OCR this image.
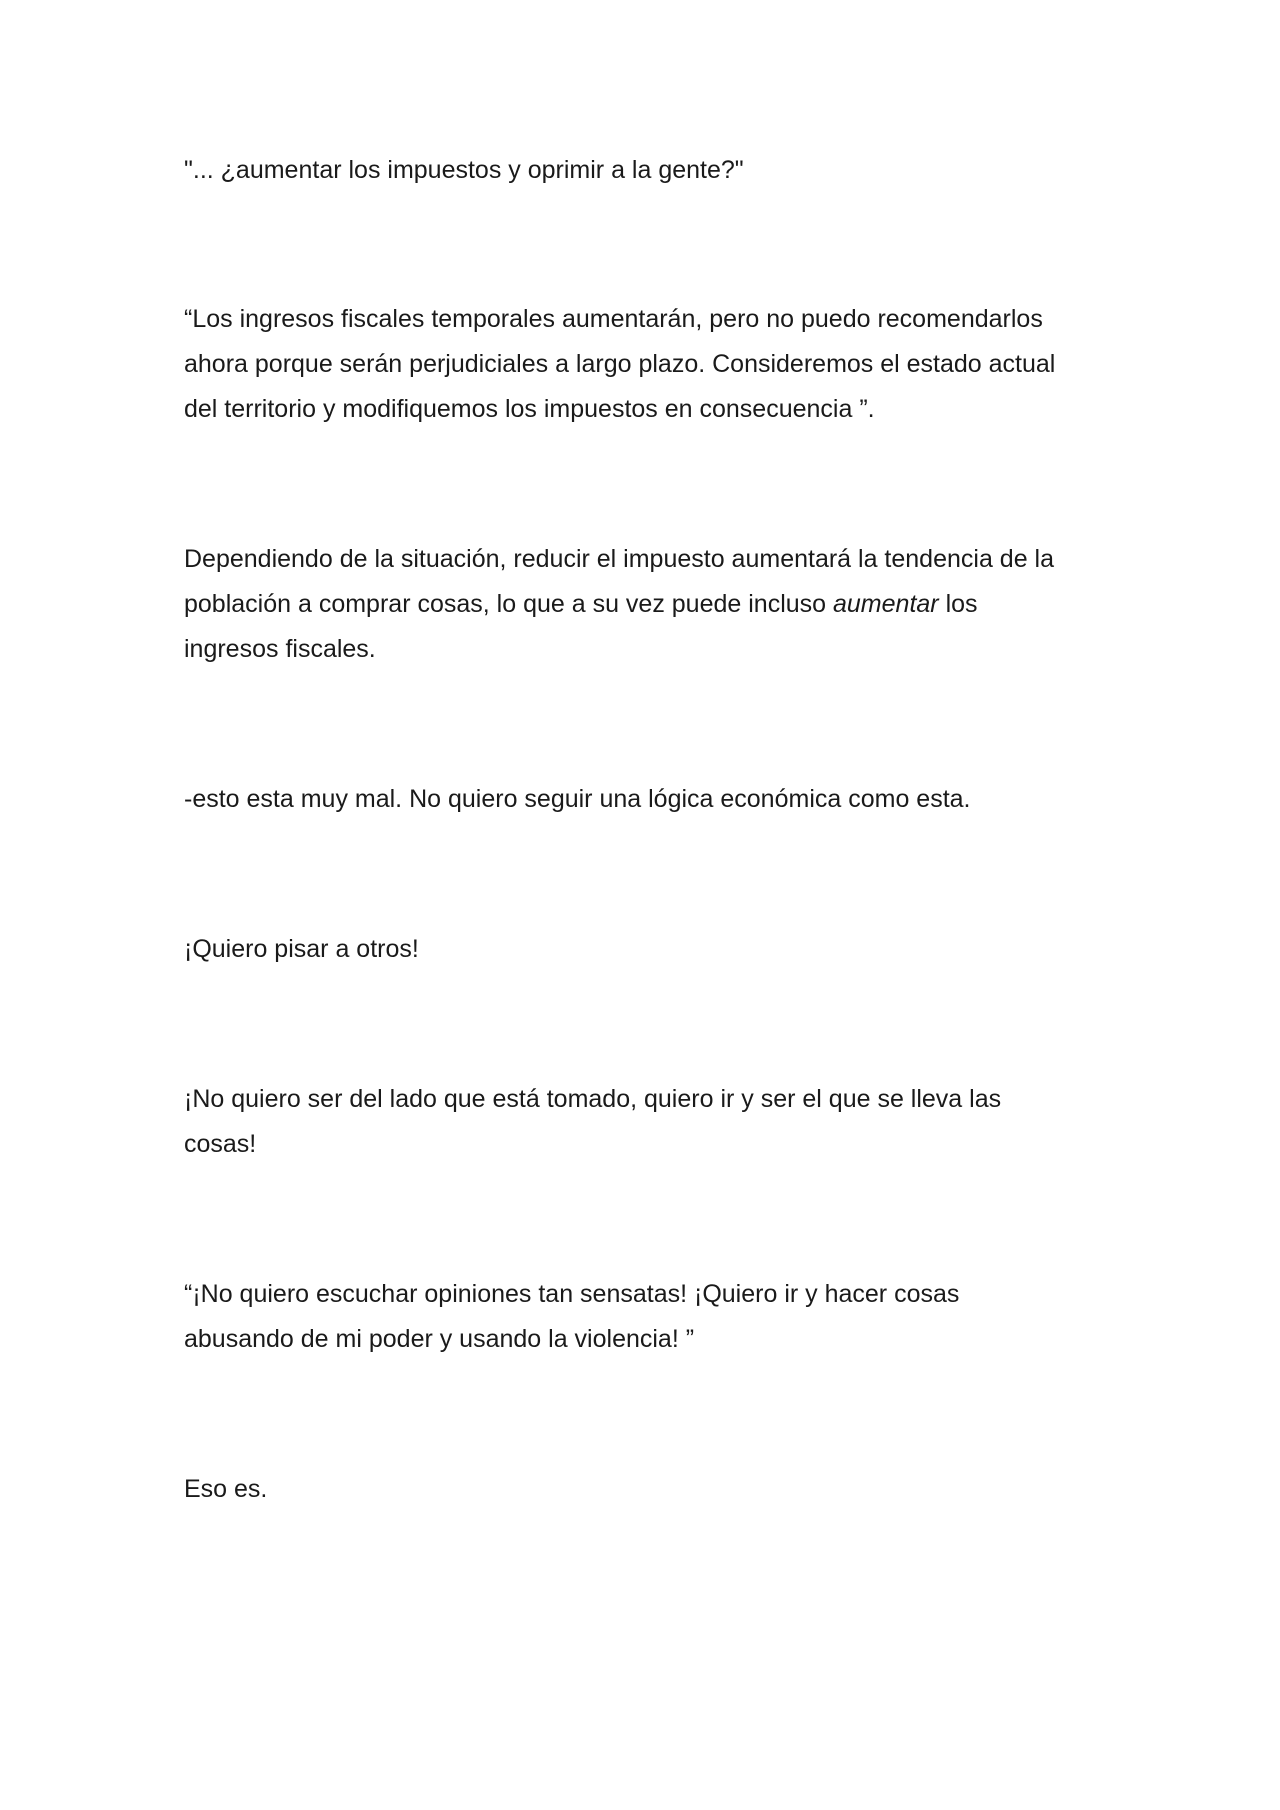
"... ¿aumentar los impuestos y oprimir a la gente?"

“Los ingresos fiscales temporales aumentarán, pero no puedo recomendarlos
ahora porque serán perjudiciales a largo plazo. Consideremos el estado actual
del territorio y modifiquemos los impuestos en consecuencia ”.

Dependiendo de la situación, reducir el impuesto aumentará la tendencia de la
población a comprar cosas, lo que a su vez puede incluso aumentar los
ingresos fiscales.

-esto esta muy mal. No quiero seguir una lógica económica como esta.

¡Quiero pisar a otros!

¡No quiero ser del lado que está tomado, quiero ir y ser el que se lleva las
cosas!

“¡No quiero escuchar opiniones tan sensatas! ¡Quiero ir y hacer cosas
abusando de mi poder y usando la violencia! ”

Eso es.
